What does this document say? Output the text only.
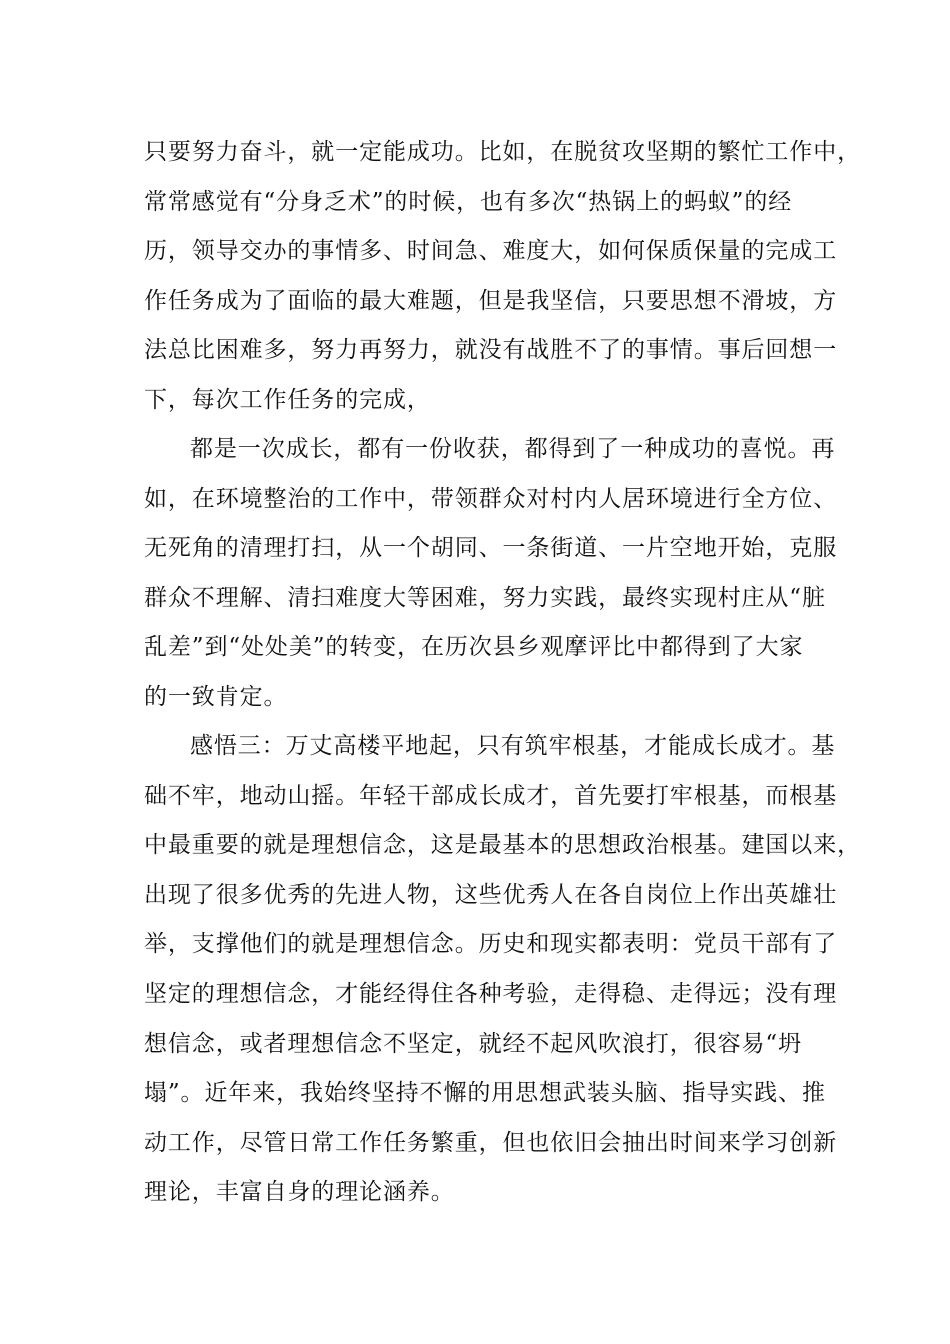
只要努力奋斗，就一定能成功。比如，在脱贫攻坚期的繁忙工作中，
常常感觉有“分身乏术”的时候，也有多次“热锅上的蚂蚁”的经
历，领导交办的事情多、时间急、难度大，如何保质保量的完成工
作任务成为了面临的最大难题，但是我坚信，只要思想不滑坡，方
法总比困难多，努力再努力，就没有战胜不了的事情。事后回想一
下，每次工作任务的完成，
都是一次成长，都有一份收获，都得到了一种成功的喜悦。再
如，在环境整治的工作中，带领群众对村内人居环境进行全方位、
无死角的清理打扫，从一个胡同、一条街道、一片空地开始，克服
群众不理解、清扫难度大等困难，努力实践，最终实现村庄从“脏
乱差”到“处处美”的转变，在历次县乡观摩评比中都得到了大家
的一致肯定。
感悟三：万丈高楼平地起，只有筑牢根基，才能成长成才。基
础不牢，地动山摇。年轻干部成长成才，首先要打牢根基，而根基
中最重要的就是理想信念，这是最基本的思想政治根基。建国以来，
出现了很多优秀的先进人物，这些优秀人在各自岗位上作出英雄壮
举，支撑他们的就是理想信念。历史和现实都表明：党员干部有了
坚定的理想信念，才能经得住各种考验，走得稳、走得远；没有理
想信念，或者理想信念不坚定，就经不起风吹浪打，很容易“坍
塌”。近年来，我始终坚持不懈的用思想武装头脑、指导实践、推
动工作，尽管日常工作任务繁重，但也依旧会抽出时间来学习创新
理论，丰富自身的理论涵养。
